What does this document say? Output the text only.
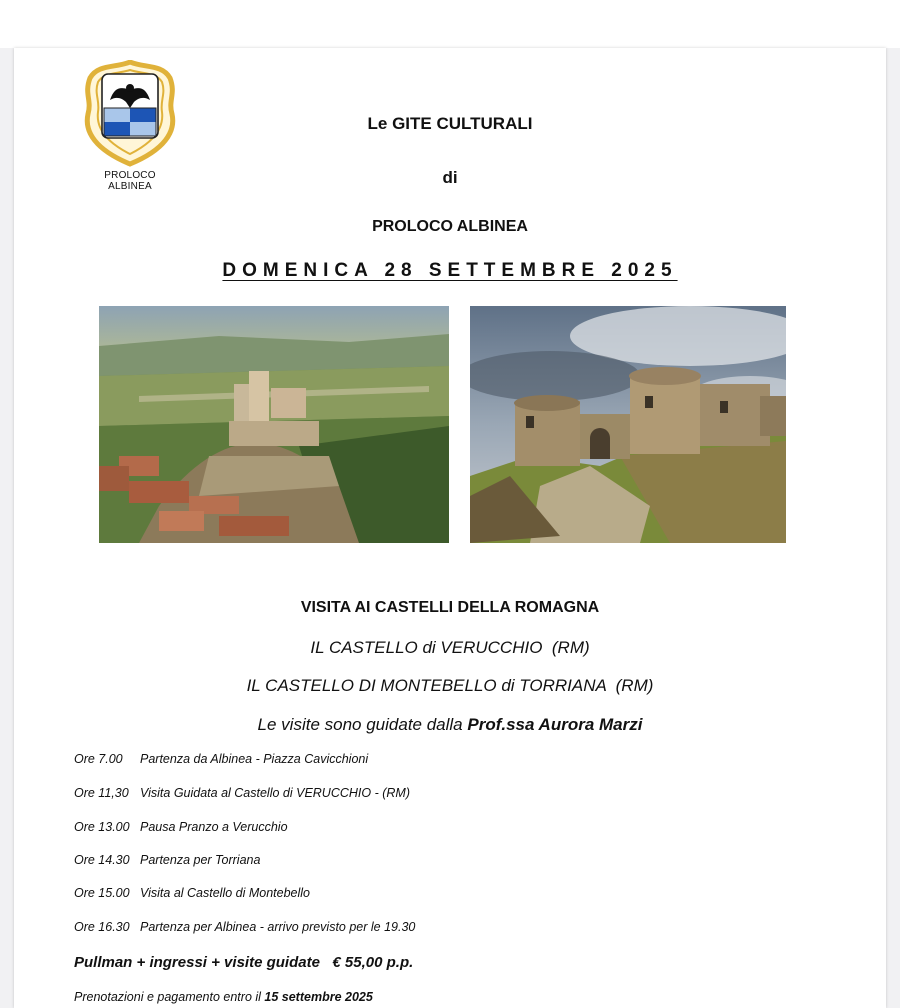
PROLOCO
ALBINEA
Le GITE CULTURALI
di
PROLOCO ALBINEA
DOMENICA 28 SETTEMBRE 2025
VISITA AI CASTELLI DELLA ROMAGNA
IL CASTELLO di VERUCCHIO  (RM)
IL CASTELLO DI MONTEBELLO di TORRIANA  (RM)
Le visite sono guidate dalla Prof.ssa Aurora Marzi
Ore 7.00 Partenza da Albinea - Piazza Cavicchioni
Ore 11,30 Visita Guidata al Castello di VERUCCHIO - (RM)
Ore 13.00 Pausa Pranzo a Verucchio
Ore 14.30 Partenza per Torriana
Ore 15.00 Visita al Castello di Montebello
Ore 16.30 Partenza per Albinea - arrivo previsto per le 19.30
Pullman + ingressi + visite guidate   € 55,00 p.p.
Prenotazioni e pagamento entro il 15 settembre 2025
